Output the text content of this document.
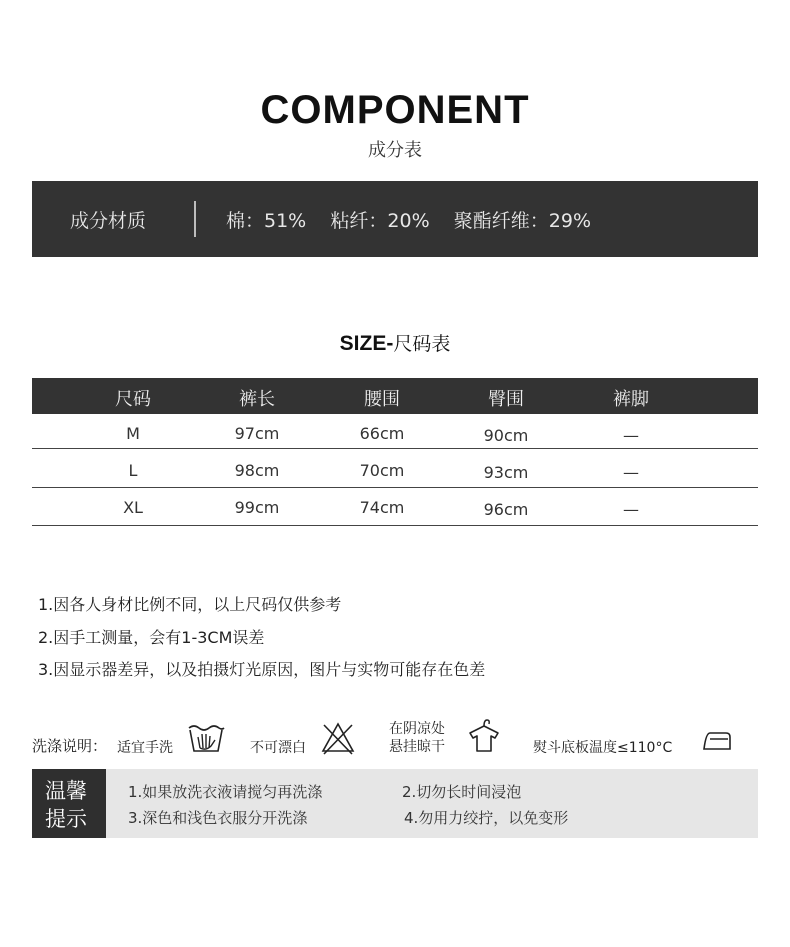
COMPONENT
成分表
成分材质	棉：51%    粘纤：20%    聚酯纤维：29%
SIZE-尺码表
尺码	裤长	腰围	臀围	裤脚
M	97cm	66cm	90cm	—
L	98cm	70cm	93cm	—
XL	99cm	74cm	96cm	—
1.因各人身材比例不同，以上尺码仅供参考
2.因手工测量，会有1-3CM误差
3.因显示器差异，以及拍摄灯光原因，图片与实物可能存在色差
洗涤说明： 适宜手洗	不可漂白
在阴凉处
悬挂晾干	熨斗底板温度≤110°C
温馨
提示
1.如果放洗衣液请搅匀再洗涤	2.切勿长时间浸泡
3.深色和浅色衣服分开洗涤	4.勿用力绞拧，以免变形
